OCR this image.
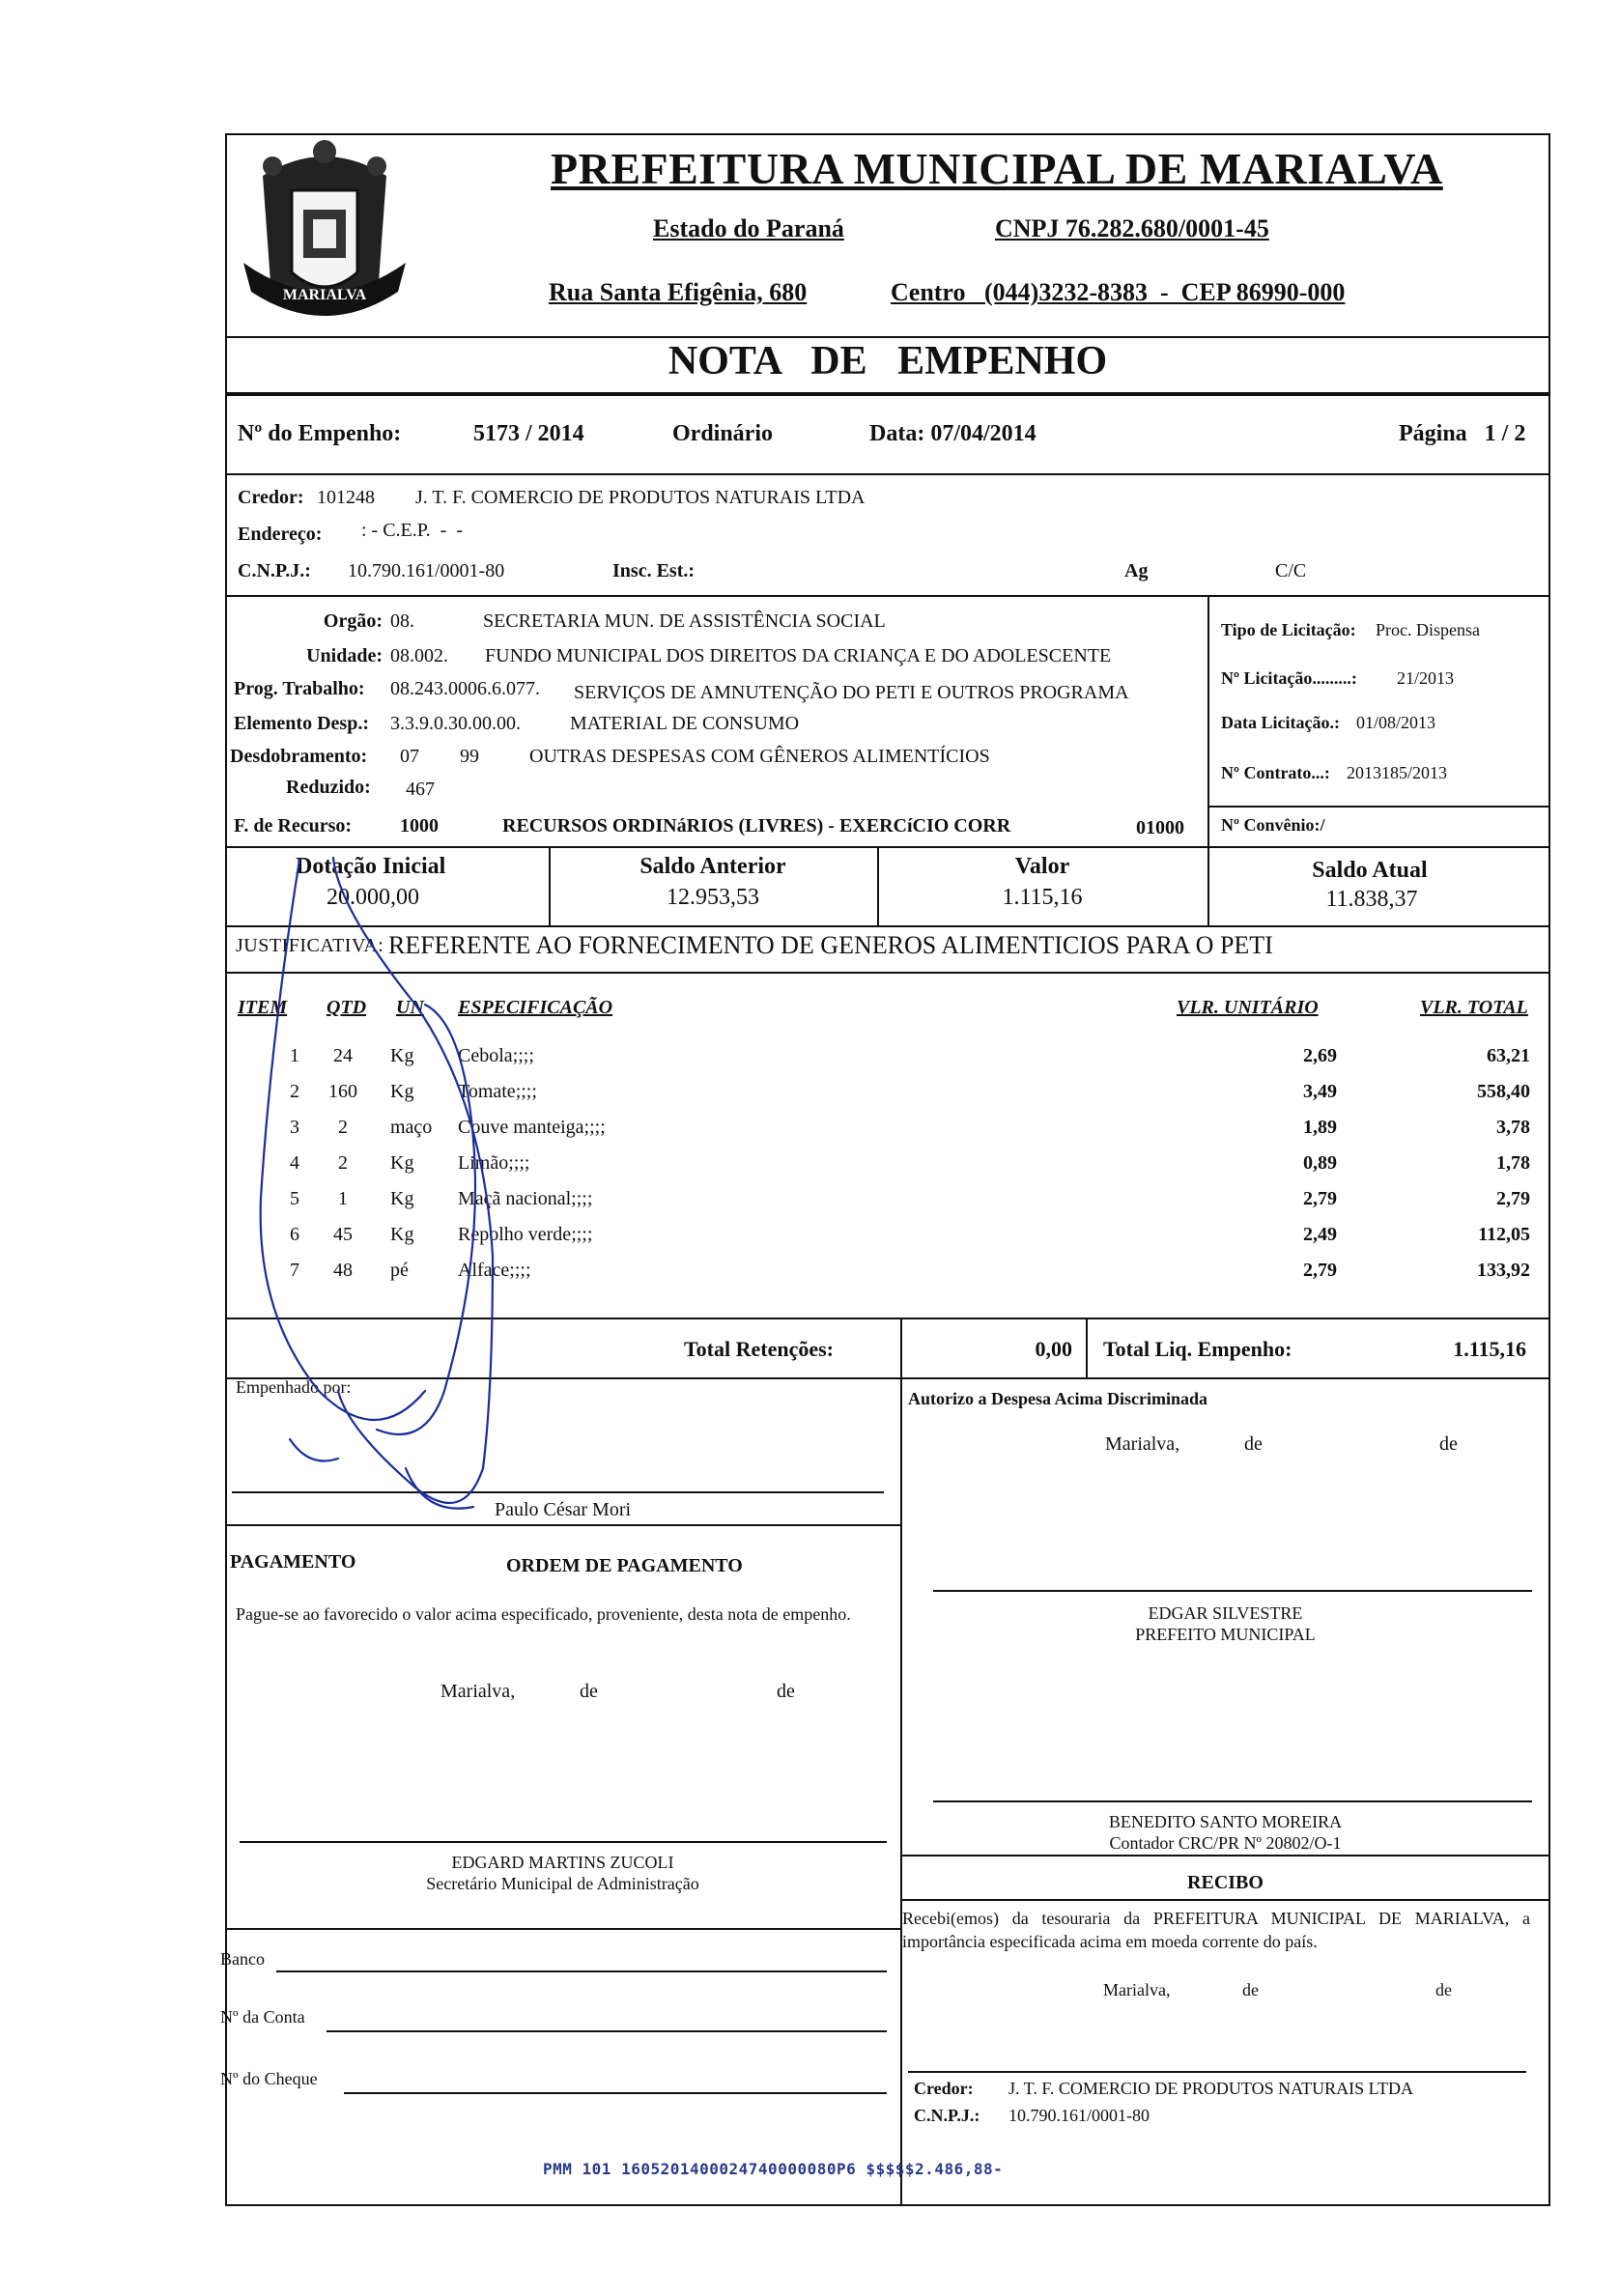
MARIALVA
PREFEITURA MUNICIPAL DE MARIALVA
Estado do Paraná	CNPJ 76.282.680/0001-45
Rua Santa Efigênia, 680	Centro   (044)3232-8383  -  CEP 86990-000
NOTA   DE   EMPENHO
Nº do Empenho:	5173 / 2014	Ordinário	Data: 07/04/2014	Página   1 / 2
Credor: 101248 J. T. F. COMERCIO DE PRODUTOS NATURAIS LTDA
Endereço: : - C.E.P.  -  -
C.N.P.J.: 10.790.161/0001-80	Insc. Est.:	Ag	C/C
Orgão: 08.	SECRETARIA MUN. DE ASSISTÊNCIA SOCIAL
Unidade: 08.002. FUNDO MUNICIPAL DOS DIREITOS DA CRIANÇA E DO ADOLESCENTE
Prog. Trabalho: 08.243.0006.6.077. SERVIÇOS DE AMNUTENÇÃO DO PETI E OUTROS PROGRAMA
Elemento Desp.: 3.3.9.0.30.00.00.	MATERIAL DE CONSUMO
Desdobramento: 07 99	OUTRAS DESPESAS COM GÊNEROS ALIMENTÍCIOS
Reduzido: 467
F. de Recurso: 1000	RECURSOS ORDINáRIOS (LIVRES) - EXERCíCIO CORR	01000
Tipo de Licitação: Proc. Dispensa
Nº Licitação.........: 21/2013
Data Licitação.: 01/08/2013
Nº Contrato...: 2013185/2013
Nº Convênio:/
Dotação Inicial
20.000,00
Saldo Anterior
12.953,53
Valor
1.115,16
Saldo Atual
11.838,37
JUSTIFICATIVA: REFERENTE AO FORNECIMENTO DE GENEROS ALIMENTICIOS PARA O PETI
ITEM QTD UN ESPECIFICAÇÃO	VLR. UNITÁRIO	VLR. TOTAL
1	24	Kg	Cebola;;;;	2,69	63,21
2	160	Kg	Tomate;;;;	3,49	558,40
3	2	maço	Couve manteiga;;;;	1,89	3,78
4	2	Kg	Limão;;;;	0,89	1,78
5	1	Kg	Maçã nacional;;;;	2,79	2,79
6	45	Kg	Repolho verde;;;;	2,49	112,05
7	48	pé	Alface;;;;	2,79	133,92
Total Retenções:	0,00 Total Liq. Empenho:	1.115,16
Empenhado por:
Paulo César Mori
Autorizo a Despesa Acima Discriminada
Marialva,	de	de
PAGAMENTO	ORDEM DE PAGAMENTO
Pague-se ao favorecido o valor acima especificado, proveniente, desta nota de empenho.
Marialva,	de	de
EDGAR SILVESTRE
PREFEITO MUNICIPAL
BENEDITO SANTO MOREIRA
Contador CRC/PR Nº 20802/O-1
EDGARD MARTINS ZUCOLI
Secretário Municipal de Administração	RECIBO
Recebi(emos) da tesouraria da PREFEITURA MUNICIPAL DE MARIALVA, a importância especificada acima em moeda corrente do país.
Marialva,	de	de
Banco
Nº da Conta
Nº do Cheque	Credor: J. T. F. COMERCIO DE PRODUTOS NATURAIS LTDA
C.N.P.J.: 10.790.161/0001-80
PMM 101 1605201400024740000080P6 $$$$$2.486,88-
